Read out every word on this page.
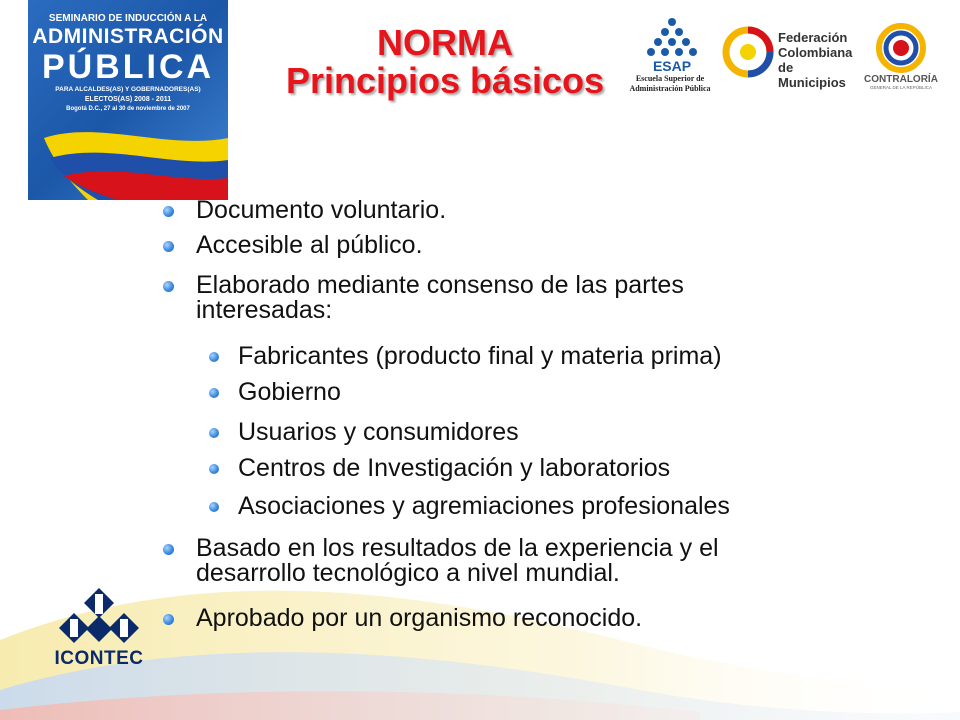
SEMINARIO DE INDUCCIÓN A LA
ADMINISTRACIÓN
PÚBLICA
PARA ALCALDES(AS) Y GOBERNADORES(AS)
ELECTOS(AS) 2008 - 2011
Bogotá D.C., 27 al 30 de noviembre de 2007
NORMA
Principios básicos	ESAP
Escuela Superior de
Administración Pública
Federación
Colombiana
de Municipios	CONTRALORÍA
GENERAL DE LA REPÚBLICA
Documento voluntario.
Accesible al público.
Elaborado mediante consenso de las partes
interesadas:
Fabricantes (producto final y materia prima)
Gobierno
Usuarios y consumidores
Centros de Investigación y laboratorios
Asociaciones y agremiaciones profesionales
Basado en los resultados de la experiencia y el
desarrollo tecnológico a nivel mundial.
Aprobado por un organismo reconocido.
ICONTEC
